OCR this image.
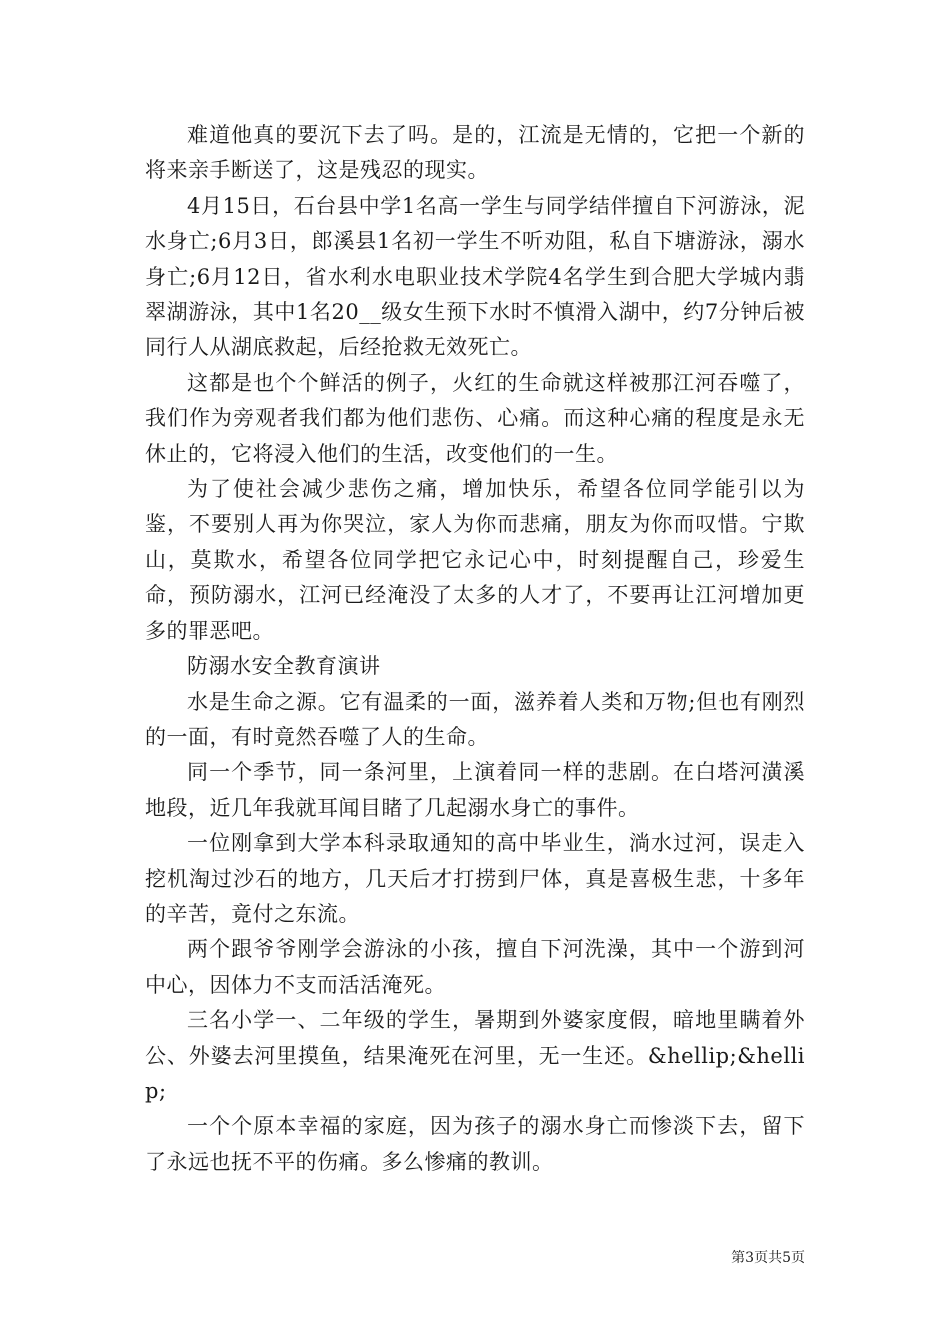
难道他真的要沉下去了吗。是的，江流是无情的，它把一个新的将来亲手断送了，这是残忍的现实。

4月15日，石台县中学1名高一学生与同学结伴擅自下河游泳，泥水身亡;6月3日，郎溪县1名初一学生不听劝阻，私自下塘游泳，溺水身亡;6月12日，省水利水电职业技术学院4名学生到合肥大学城内翡翠湖游泳，其中1名20__级女生预下水时不慎滑入湖中，约7分钟后被同行人从湖底救起，后经抢救无效死亡。

这都是也个个鲜活的例子，火红的生命就这样被那江河吞噬了，我们作为旁观者我们都为他们悲伤、心痛。而这种心痛的程度是永无休止的，它将浸入他们的生活，改变他们的一生。

为了使社会减少悲伤之痛，增加快乐，希望各位同学能引以为鉴，不要别人再为你哭泣，家人为你而悲痛，朋友为你而叹惜。宁欺山，莫欺水，希望各位同学把它永记心中，时刻提醒自己，珍爱生命，预防溺水，江河已经淹没了太多的人才了，不要再让江河增加更多的罪恶吧。

防溺水安全教育演讲

水是生命之源。它有温柔的一面，滋养着人类和万物;但也有刚烈的一面，有时竟然吞噬了人的生命。

同一个季节，同一条河里，上演着同一样的悲剧。在白塔河潢溪地段，近几年我就耳闻目睹了几起溺水身亡的事件。

一位刚拿到大学本科录取通知的高中毕业生，淌水过河，误走入挖机淘过沙石的地方，几天后才打捞到尸体，真是喜极生悲，十多年的辛苦，竟付之东流。

两个跟爷爷刚学会游泳的小孩，擅自下河洗澡，其中一个游到河中心，因体力不支而活活淹死。

三名小学一、二年级的学生，暑期到外婆家度假，暗地里瞒着外公、外婆去河里摸鱼，结果淹死在河里，无一生还。&hellip;&hellip;

一个个原本幸福的家庭，因为孩子的溺水身亡而惨淡下去，留下了永远也抚不平的伤痛。多么惨痛的教训。

第3页共5页
